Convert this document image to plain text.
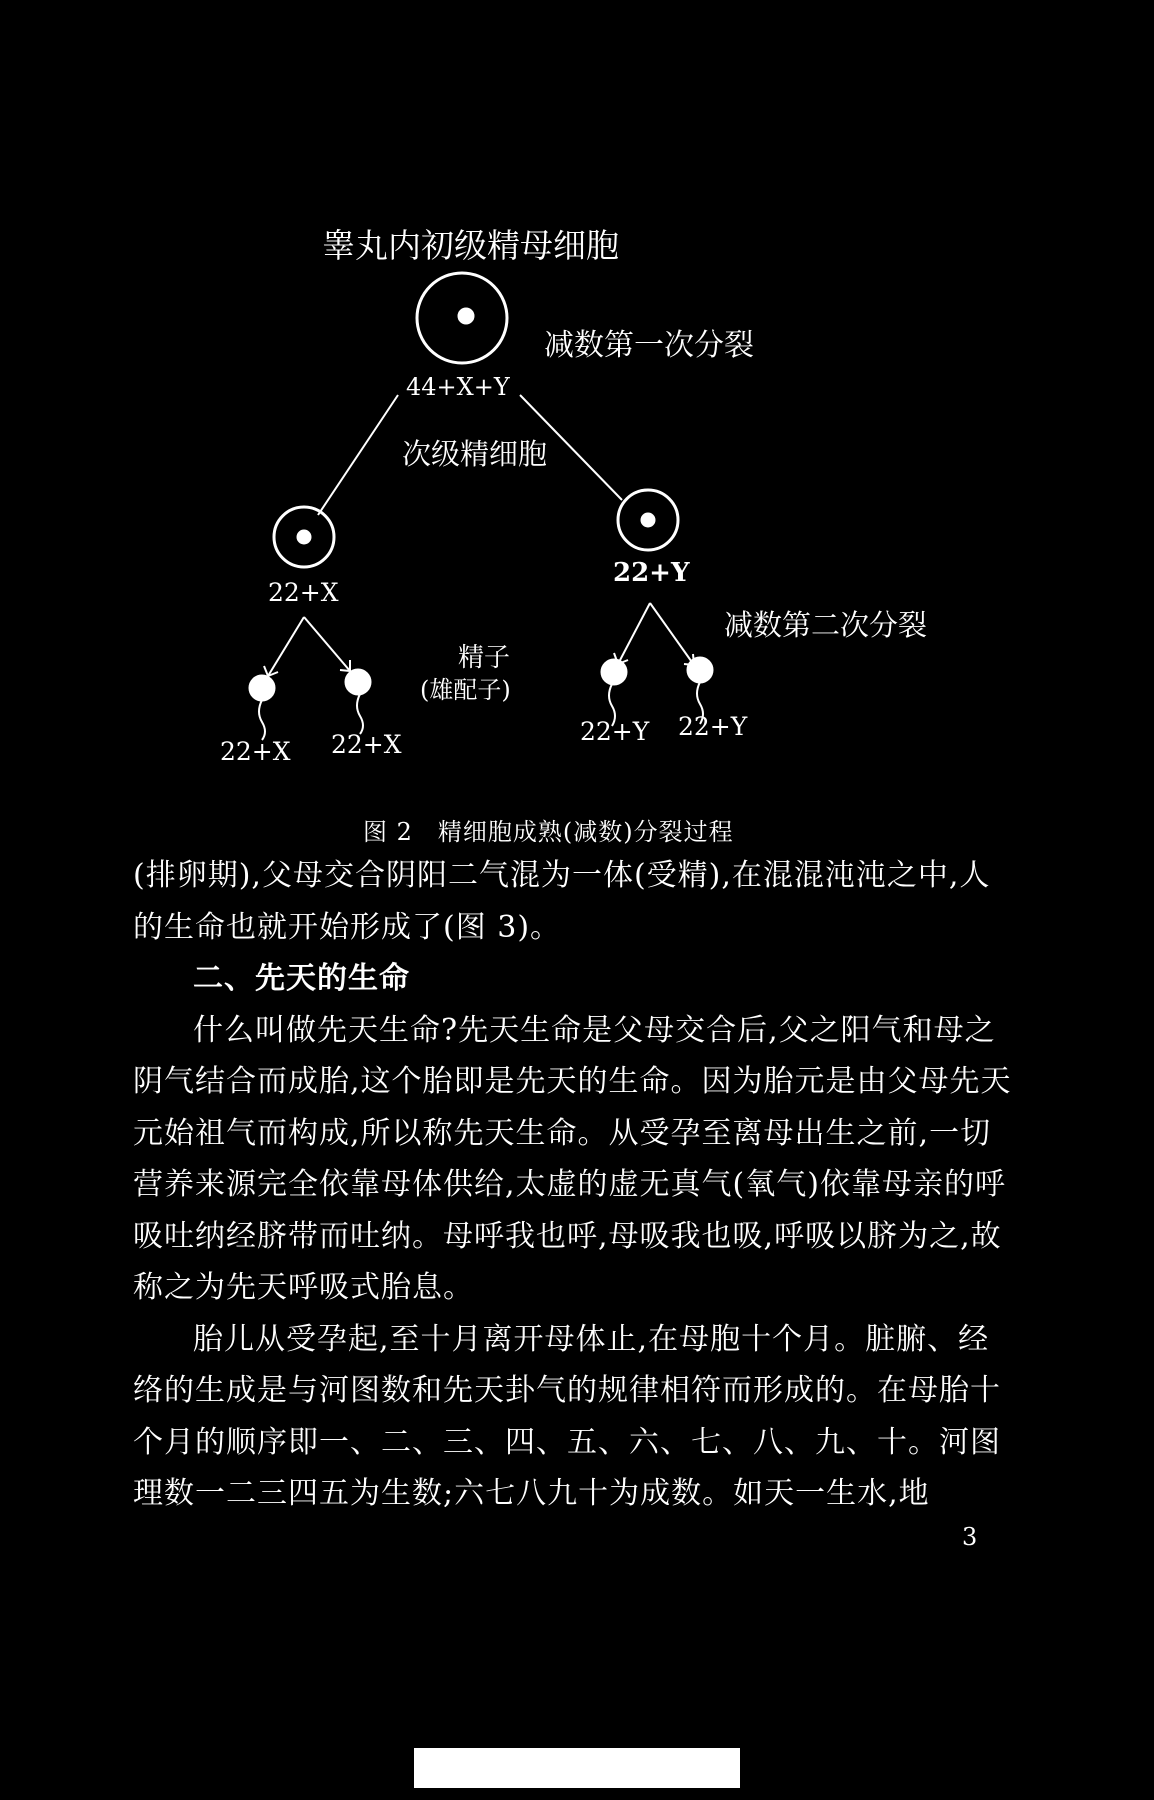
睾丸内初级精母细胞
44+X+Y
减数第一次分裂
次级精细胞
22+X
22+Y
减数第二次分裂
精子
(雄配子)
22+X 22+X	22+Y 22+Y
图 2　精细胞成熟(减数)分裂过程

(排卵期),父母交合阴阳二气混为一体(受精),在混混沌沌之中,人的生命也就开始形成了(图 3)。

二、先天的生命

什么叫做先天生命?先天生命是父母交合后,父之阳气和母之阴气结合而成胎,这个胎即是先天的生命。因为胎元是由父母先天元始祖气而构成,所以称先天生命。从受孕至离母出生之前,一切营养来源完全依靠母体供给,太虚的虚无真气(氧气)依靠母亲的呼吸吐纳经脐带而吐纳。母呼我也呼,母吸我也吸,呼吸以脐为之,故称之为先天呼吸式胎息。

胎儿从受孕起,至十月离开母体止,在母胞十个月。脏腑、经络的生成是与河图数和先天卦气的规律相符而形成的。在母胎十个月的顺序即一、二、三、四、五、六、七、八、九、十。河图理数一二三四五为生数;六七八九十为成数。如天一生水,地

3
